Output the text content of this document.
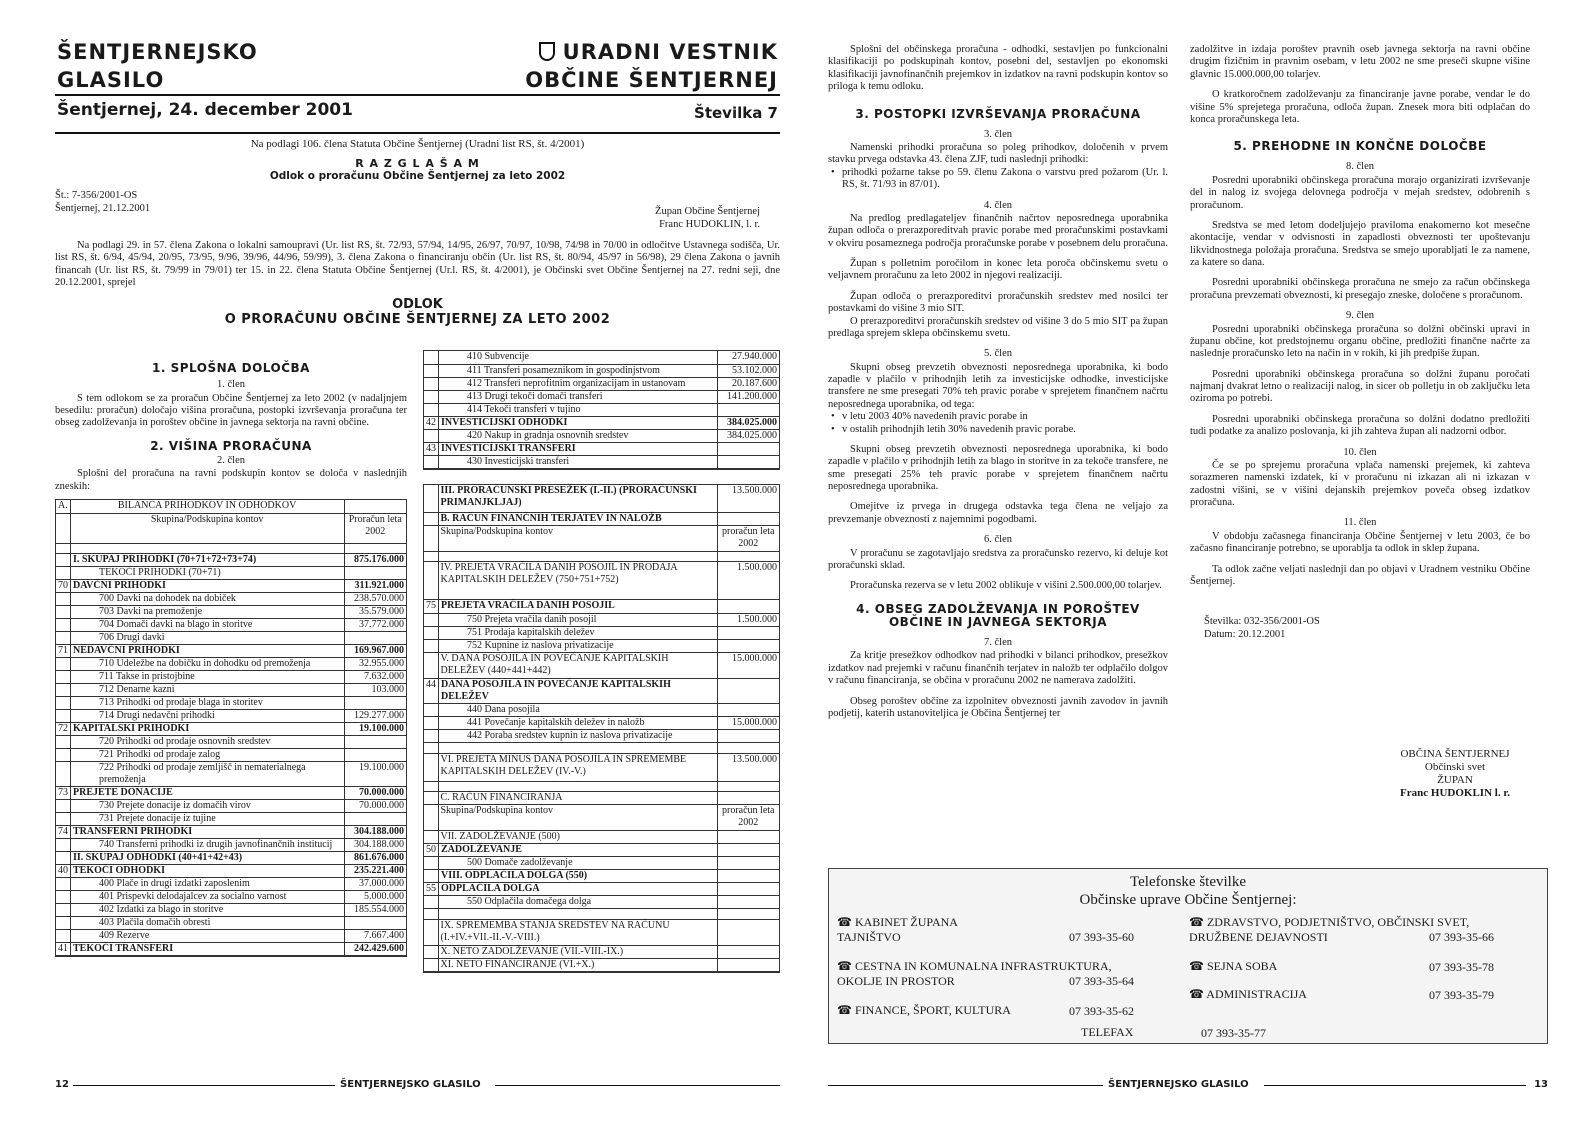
ŠENTJERNEJSKO
GLASILO
URADNI VESTNIK
OBČINE ŠENTJERNEJ
Šentjernej, 24. december 2001	Številka 7

Na podlagi 106. člena Statuta Občine Šentjernej (Uradni list RS, št. 4/2001)

R A Z G L A Š A M

Odlok o proračunu Občine Šentjernej za leto 2002

Št.: 7-356/2001-OS

Šentjernej, 21.12.2001	Župan Občine Šentjernej

Franc HUDOKLIN, l. r.

Na podlagi 29. in 57. člena Zakona o lokalni samoupravi (Ur. list RS, št. 72/93, 57/94, 14/95, 26/97, 70/97, 10/98, 74/98 in 70/00 in odločitve Ustavnega sodišča, Ur. list RS, št. 6/94, 45/94, 20/95, 73/95, 9/96, 39/96, 44/96, 59/99), 3. člena Zakona o financiranju občin (Ur. list RS, št. 80/94, 45/97 in 56/98), 29 člena Zakona o javnih financah (Ur. list RS, št. 79/99 in 79/01) ter 15. in 22. člena Statuta Občine Šentjernej (Ur.l. RS, št. 4/2001), je Občinski svet Občine Šentjernej na 27. redni seji, dne 20.12.2001, sprejel

ODLOK

O PRORAČUNU OBČINE ŠENTJERNEJ ZA LETO 2002

1. SPLOŠNA DOLOČBA

1. člen

S tem odlokom se za proračun Občine Šentjernej za leto 2002 (v nadaljnjem besedilu: proračun) določajo višina proračuna, postopki izvrševanja proračuna ter obseg zadolževanja in poroštev občine in javnega sektorja na ravni občine.

2. VIŠINA PRORAČUNA

2. člen

Splošni del proračuna na ravni podskupin kontov se določa v naslednjih zneskih:

A.	BILANCA PRIHODKOV IN ODHODKOV	
	Skupina/Podskupina kontov	Proračun leta 2002

	I. SKUPAJ PRIHODKI (70+71+72+73+74)	875.176.000
	TEKOČI PRIHODKI (70+71)	
70	DAVČNI PRIHODKI	311.921.000
	700 Davki na dohodek na dobiček	238.570.000
	703 Davki na premoženje	35.579.000
	704 Domači davki na blago in storitve	37.772.000
	706 Drugi davki	
71	NEDAVČNI PRIHODKI	169.967.000
	710 Udeležbe na dobičku in dohodku od premoženja	32.955.000
	711 Takse in pristojbine	7.632.000
	712 Denarne kazni	103.000
	713 Prihodki od prodaje blaga in storitev	
	714 Drugi nedavčni prihodki	129.277.000
72	KAPITALSKI PRIHODKI	19.100.000
	720 Prihodki od prodaje osnovnih sredstev	
	721 Prihodki od prodaje zalog	
	722 Prihodki od prodaje zemljišč in nematerialnega premoženja	19.100.000
73	PREJETE DONACIJE	70.000.000
	730 Prejete donacije iz domačih virov	70.000.000
	731 Prejete donacije iz tujine	
74	TRANSFERNI PRIHODKI	304.188.000
	740 Transferni prihodki iz drugih javnofinančnih institucij	304.188.000
	II. SKUPAJ ODHODKI (40+41+42+43)	861.676.000
40	TEKOČI ODHODKI	235.221.400
	400 Plače in drugi izdatki zaposlenim	37.000.000
	401 Prispevki delodajalcev za socialno varnost	5.000.000
	402 Izdatki za blago in storitve	185.554.000
	403 Plačila domačih obresti	
	409 Rezerve	7.667.400
41	TEKOČI TRANSFERI	242.429.600
	410 Subvencije	27.940.000
	411 Transferi posameznikom in gospodinjstvom	53.102.000
	412 Transferi neprofitnim organizacijam in ustanovam	20.187.600
	413 Drugi tekoči domači transferi	141.200.000
	414 Tekoči transferi v tujino	
42	INVESTICIJSKI ODHODKI	384.025.000
	420 Nakup in gradnja osnovnih sredstev	384.025.000
43	INVESTICIJSKI TRANSFERI	
	430 Investicijski transferi	
	III. PRORAČUNSKI PRESEŽEK (I.-II.) (PRORAČUNSKI PRIMANJKLJAJ)	13.500.000
	B. RAČUN FINANČNIH TERJATEV IN NALOŽB	
	Skupina/Podskupina kontov	proračun leta 2002

	IV. PREJETA VRAČILA DANIH POSOJIL IN PRODAJA KAPITALSKIH DELEŽEV (750+751+752)	1.500.000
75	PREJETA VRAČILA DANIH POSOJIL	
	750 Prejeta vračila danih posojil	1.500.000
	751 Prodaja kapitalskih deležev	
	752 Kupnine iz naslova privatizacije	
	V. DANA POSOJILA IN POVEČANJE KAPITALSKIH DELEŽEV (440+441+442)	15.000.000
44	DANA POSOJILA IN POVEČANJE KAPITALSKIH DELEŽEV	
	440 Dana posojila	
	441 Povečanje kapitalskih deležev in naložb	15.000.000
	442 Poraba sredstev kupnin iz naslova privatizacije	

	VI. PREJETA MINUS DANA POSOJILA IN SPREMEMBE KAPITALSKIH DELEŽEV (IV.-V.)	13.500.000

	C. RAČUN FINANCIRANJA	
	Skupina/Podskupina kontov	proračun leta 2002
	VII. ZADOLŽEVANJE (500)	
50	ZADOLŽEVANJE	
	500 Domače zadolževanje	
	VIII. ODPLAČILA DOLGA (550)	
55	ODPLAČILA DOLGA	
	550 Odplačila domačega dolga	

	IX. SPREMEMBA STANJA SREDSTEV NA RAČUNU (I.+IV.+VII.-II.-V.-VIII.)	
	X. NETO ZADOLŽEVANJE (VII.-VIII.-IX.)	
	XI. NETO FINANCIRANJE (VI.+X.)	
12	ŠENTJERNEJSKO GLASILO

Splošni del občinskega proračuna - odhodki, sestavljen po funkcionalni klasifikaciji po podskupinah kontov, posebni del, sestavljen po ekonomski klasifikaciji javnofinančnih prejemkov in izdatkov na ravni podskupin kontov so priloga k temu odloku.

3. POSTOPKI IZVRŠEVANJA PRORAČUNA

3. člen

Namenski prihodki proračuna so poleg prihodkov, določenih v prvem stavku prvega odstavka 43. člena ZJF, tudi naslednji prihodki:

• prihodki požarne takse po 59. členu Zakona o varstvu pred požarom (Ur. l. RS, št. 71/93 in 87/01).

4. člen

Na predlog predlagateljev finančnih načrtov neposrednega uporabnika župan odloča o prerazporeditvah pravic porabe med proračunskimi postavkami v okviru posameznega področja proračunske porabe v posebnem delu proračuna.

Župan s polletnim poročilom in konec leta poroča občinskemu svetu o veljavnem proračunu za leto 2002 in njegovi realizaciji.

Župan odloča o prerazporeditvi proračunskih sredstev med nosilci ter postavkami do višine 3 mio SIT.

O prerazporeditvi proračunskih sredstev od višine 3 do 5 mio SIT pa župan predlaga sprejem sklepa občinskemu svetu.

5. člen

Skupni obseg prevzetih obveznosti neposrednega uporabnika, ki bodo zapadle v plačilo v prihodnjih letih za investicijske odhodke, investicijske transfere ne sme presegati 70% teh pravic porabe v sprejetem finančnem načrtu neposrednega uporabnika, od tega:

• v letu 2003 40% navedenih pravic porabe in

• v ostalih prihodnjih letih 30% navedenih pravic porabe.

Skupni obseg prevzetih obveznosti neposrednega uporabnika, ki bodo zapadle v plačilo v prihodnjih letih za blago in storitve in za tekoče transfere, ne sme presegati 25% teh pravic porabe v sprejetem finančnem načrtu neposrednega uporabnika.

Omejitve iz prvega in drugega odstavka tega člena ne veljajo za prevzemanje obveznosti z najemnimi pogodbami.

6. člen

V proračunu se zagotavljajo sredstva za proračunsko rezervo, ki deluje kot proračunski sklad.

Proračunska rezerva se v letu 2002 oblikuje v višini 2.500.000,00 tolarjev.

4. OBSEG ZADOLŽEVANJA IN POROŠTEV OBČINE IN JAVNEGA SEKTORJA

7. člen

Za kritje presežkov odhodkov nad prihodki v bilanci prihodkov, presežkov izdatkov nad prejemki v računu finančnih terjatev in naložb ter odplačilo dolgov v računu financiranja, se občina v proračunu 2002 ne namerava zadolžiti.

Obseg poroštev občine za izpolnitev obveznosti javnih zavodov in javnih podjetij, katerih ustanoviteljica je Občina Šentjernej ter

zadolžitve in izdaja poroštev pravnih oseb javnega sektorja na ravni občine drugim fizičnim in pravnim osebam, v letu 2002 ne sme preseči skupne višine glavnic 15.000.000,00 tolarjev.

O kratkoročnem zadolževanju za financiranje javne porabe, vendar le do višine 5% sprejetega proračuna, odloča župan. Znesek mora biti odplačan do konca proračunskega leta.

5. PREHODNE IN KONČNE DOLOČBE

8. člen

Posredni uporabniki občinskega proračuna morajo organizirati izvrševanje del in nalog iz svojega delovnega področja v mejah sredstev, odobrenih s proračunom.

Sredstva se med letom dodeljujejo praviloma enakomerno kot mesečne akontacije, vendar v odvisnosti in zapadlosti obveznosti ter upoštevanju likvidnostnega položaja proračuna. Sredstva se smejo uporabljati le za namene, za katere so dana.

Posredni uporabniki občinskega proračuna ne smejo za račun občinskega proračuna prevzemati obveznosti, ki presegajo zneske, določene s proračunom.

9. člen

Posredni uporabniki občinskega proračuna so dolžni občinski upravi in županu občine, kot predstojnemu organu občine, predložiti finančne načrte za naslednje proračunsko leto na način in v rokih, ki jih predpiše župan.

Posredni uporabniki občinskega proračuna so dolžni županu poročati najmanj dvakrat letno o realizaciji nalog, in sicer ob polletju in ob zaključku leta oziroma po potrebi.

Posredni uporabniki občinskega proračuna so dolžni dodatno predložiti tudi podatke za analizo poslovanja, ki jih zahteva župan ali nadzorni odbor.

10. člen

Če se po sprejemu proračuna vplača namenski prejemek, ki zahteva sorazmeren namenski izdatek, ki v proračunu ni izkazan ali ni izkazan v zadostni višini, se v višini dejanskih prejemkov poveča obseg izdatkov proračuna.

11. člen

V obdobju začasnega financiranja Občine Šentjernej v letu 2003, če bo začasno financiranje potrebno, se uporablja ta odlok in sklep župana.

Ta odlok začne veljati naslednji dan po objavi v Uradnem vestniku Občine Šentjernej.

Številka: 032-356/2001-OS

Datum: 20.12.2001

OBČINA ŠENTJERNEJ

Občinski svet

ŽUPAN

Franc HUDOKLIN l. r.

Telefonske številke

Občinske uprave Občine Šentjernej:

☎ KABINET ŽUPANA
TAJNIŠTVO	07 393-35-60
☎ CESTNA IN KOMUNALNA INFRASTRUKTURA,
OKOLJE IN PROSTOR	07 393-35-64
☎ FINANCE, ŠPORT, KULTURA	07 393-35-62
☎ ZDRAVSTVO, PODJETNIŠTVO, OBČINSKI SVET,
DRUŽBENE DEJAVNOSTI	07 393-35-66
☎ SEJNA SOBA	07 393-35-78
☎ ADMINISTRACIJA	07 393-35-79
TELEFAX	07 393-35-77
ŠENTJERNEJSKO GLASILO	13
